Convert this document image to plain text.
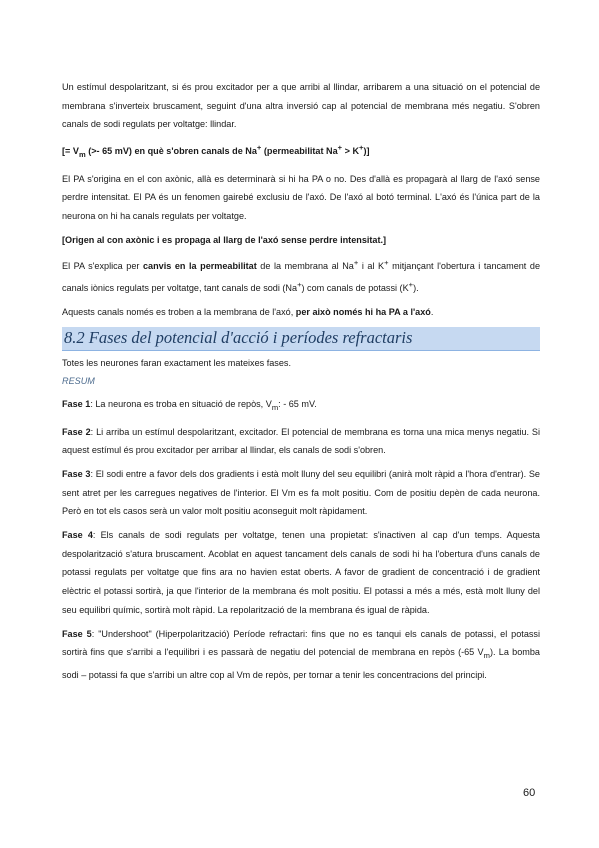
Un estímul despolaritzant, si és prou excitador per a que arribi al llindar, arribarem a una situació on el potencial de membrana s'inverteix bruscament, seguint d'una altra inversió cap al potencial de membrana més negatiu. S'obren canals de sodi regulats per voltatge: llindar.

[= $V_m$ (>- 65 mV) en què s'obren canals de Na+ (permeabilitat Na+ > K+)]

El PA s'origina en el con axònic, allà es determinarà si hi ha PA o no. Des d'allà es propagarà al llarg de l'axó sense perdre intensitat. El PA és un fenomen gairebé exclusiu de l'axó. De l'axó al botó terminal. L'axó és l'única part de la neurona on hi ha canals regulats per voltatge.

[Origen al con axònic i es propaga al llarg de l'axó sense perdre intensitat.]

El PA s'explica per canvis en la permeabilitat de la membrana al Na+ i al K+ mitjançant l'obertura i tancament de canals iònics regulats per voltatge, tant canals de sodi (Na+) com canals de potassi (K+).

Aquests canals només es troben a la membrana de l'axó, per això només hi ha PA a l'axó.

8.2 Fases del potencial d'acció i períodes refractaris

Totes les neurones faran exactament les mateixes fases.

RESUM

Fase 1: La neurona es troba en situació de repòs, $V_m$: - 65 mV.

Fase 2: Li arriba un estímul despolaritzant, excitador. El potencial de membrana es torna una mica menys negatiu. Si aquest estímul és prou excitador per arribar al llindar, els canals de sodi s'obren.

Fase 3: El sodi entre a favor dels dos gradients i està molt lluny del seu equilibri (anirà molt ràpid a l'hora d'entrar). Se sent atret per les carregues negatives de l'interior. El Vm es fa molt positiu. Com de positiu depèn de cada neurona. Però en tot els casos serà un valor molt positiu aconseguit molt ràpidament.

Fase 4: Els canals de sodi regulats per voltatge, tenen una propietat: s'inactiven al cap d'un temps. Aquesta despolarització s'atura bruscament. Acoblat en aquest tancament dels canals de sodi hi ha l'obertura d'uns canals de potassi regulats per voltatge que fins ara no havien estat oberts. A favor de gradient de concentració i de gradient elèctric el potassi sortirà, ja que l'interior de la membrana és molt positiu. El potassi a més a més, està molt lluny del seu equilibri químic, sortirà molt ràpid. La repolarització de la membrana és igual de ràpida.

Fase 5: "Undershoot" (Hiperpolarització) Període refractari: fins que no es tanqui els canals de potassi, el potassi sortirà fins que s'arribi a l'equilibri i es passarà de negatiu del potencial de membrana en repòs (-65 $V_m$). La bomba sodi – potassi fa que s'arribi un altre cop al Vm de repòs, per tornar a tenir les concentracions del principi.

60
